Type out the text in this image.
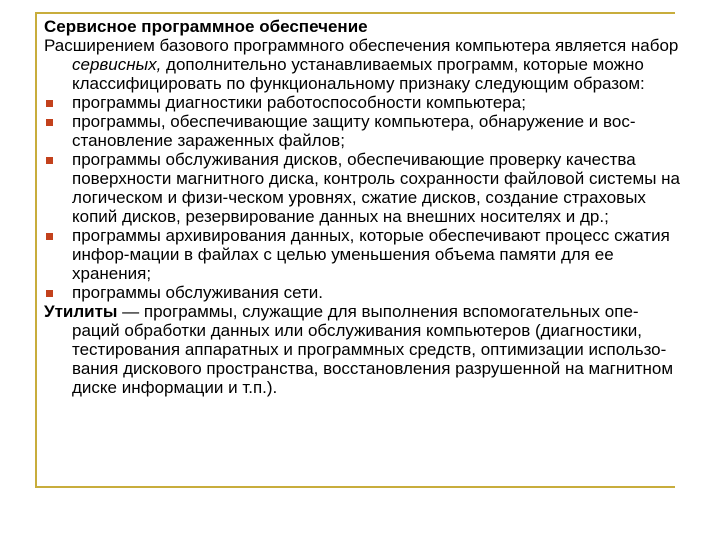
Сервисное программное обеспечение

Расширением базового программного обеспечения компьютера является набор сервисных, дополнительно устанавливаемых программ, которые можно классифицировать по функциональному признаку следующим образом:

программы диагностики работоспособности компьютера;
программы, обеспечивающие защиту компьютера, обнаружение и вос-становление зараженных файлов;
программы обслуживания дисков, обеспечивающие проверку качества поверхности магнитного диска, контроль сохранности файловой системы на логическом и физи-ческом уровнях, сжатие дисков, создание страховых копий дисков, резервирование данных на внешних носителях и др.;
программы архивирования данных, которые обеспечивают процесс сжатия инфор-мации в файлах с целью уменьшения объема памяти для ее хранения;
программы обслуживания сети.

Утилиты — программы, служащие для выполнения вспомогательных опе-раций обработки данных или обслуживания компьютеров (диагностики, тестирования аппаратных и программных средств, оптимизации использо-вания дискового пространства, восстановления разрушенной на магнитном диске информации и т.п.).
